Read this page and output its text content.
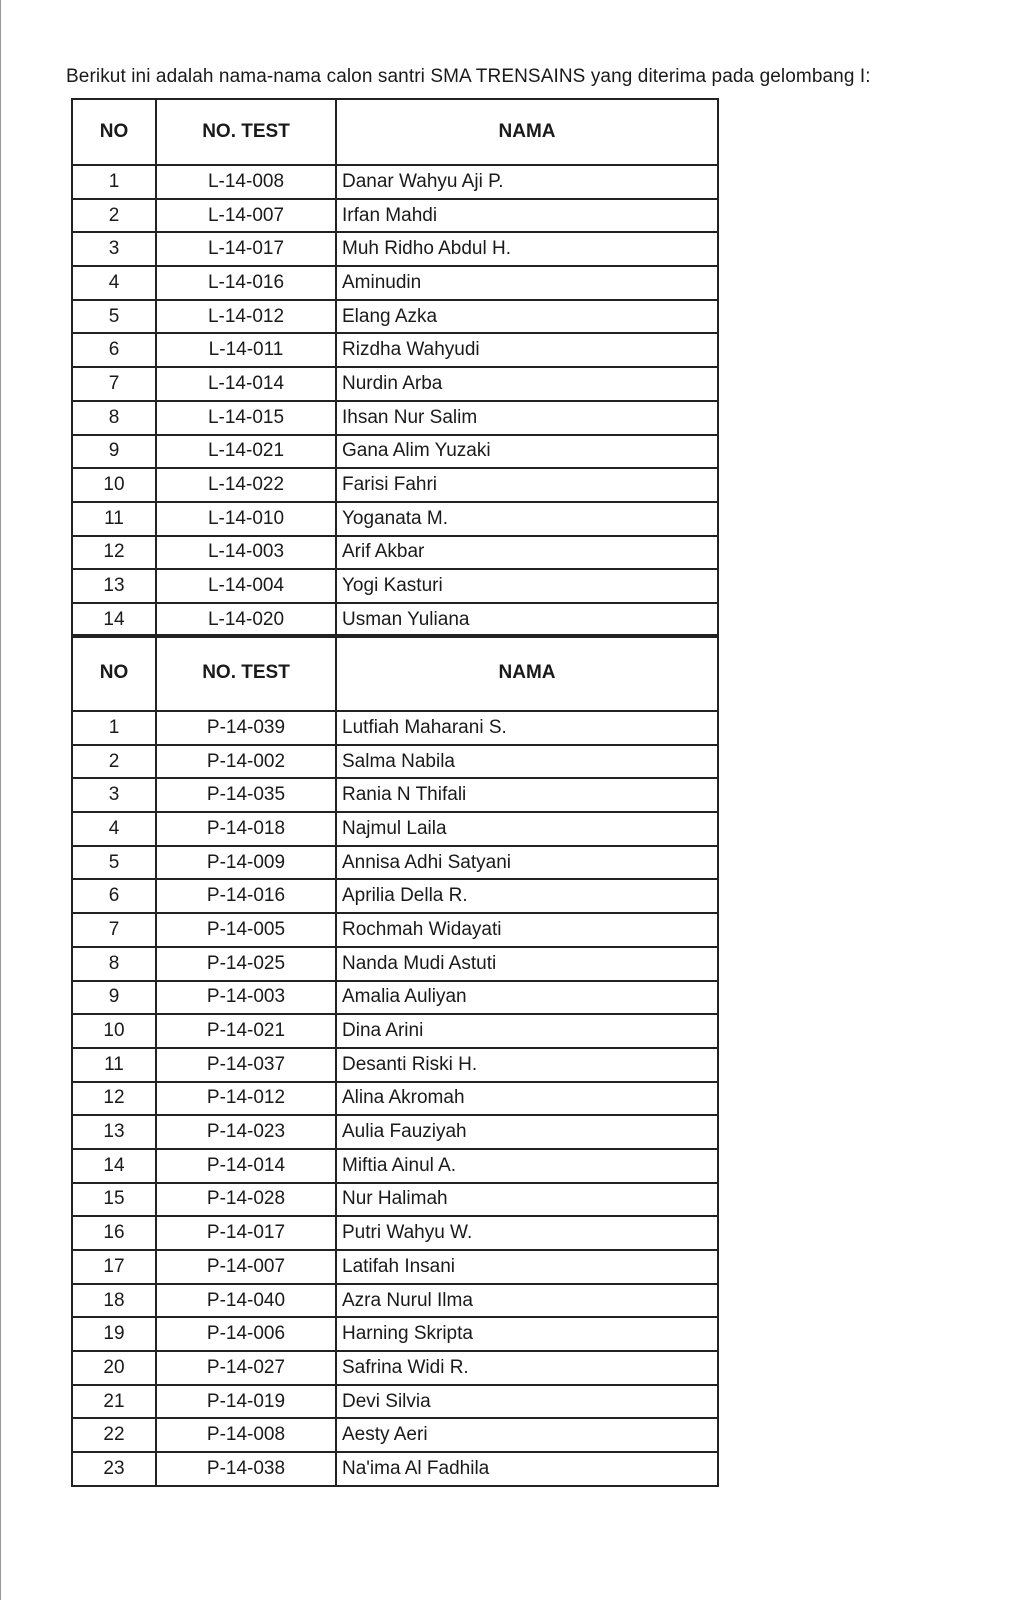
Berikut ini adalah nama-nama calon santri SMA TRENSAINS yang diterima pada gelombang I:
NO	NO. TEST	NAMA
1	L-14-008	Danar Wahyu Aji P.
2	L-14-007	Irfan Mahdi
3	L-14-017	Muh Ridho Abdul H.
4	L-14-016	Aminudin
5	L-14-012	Elang Azka
6	L-14-011	Rizdha Wahyudi
7	L-14-014	Nurdin Arba
8	L-14-015	Ihsan Nur Salim
9	L-14-021	Gana Alim Yuzaki
10	L-14-022	Farisi Fahri
11	L-14-010	Yoganata M.
12	L-14-003	Arif Akbar
13	L-14-004	Yogi Kasturi
14	L-14-020	Usman Yuliana
NO	NO. TEST	NAMA
1	P-14-039	Lutfiah Maharani S.
2	P-14-002	Salma Nabila
3	P-14-035	Rania N Thifali
4	P-14-018	Najmul Laila
5	P-14-009	Annisa Adhi Satyani
6	P-14-016	Aprilia Della R.
7	P-14-005	Rochmah Widayati
8	P-14-025	Nanda Mudi Astuti
9	P-14-003	Amalia Auliyan
10	P-14-021	Dina Arini
11	P-14-037	Desanti Riski H.
12	P-14-012	Alina Akromah
13	P-14-023	Aulia Fauziyah
14	P-14-014	Miftia Ainul A.
15	P-14-028	Nur Halimah
16	P-14-017	Putri Wahyu W.
17	P-14-007	Latifah Insani
18	P-14-040	Azra Nurul Ilma
19	P-14-006	Harning Skripta
20	P-14-027	Safrina Widi R.
21	P-14-019	Devi Silvia
22	P-14-008	Aesty Aeri
23	P-14-038	Na'ima Al Fadhila
